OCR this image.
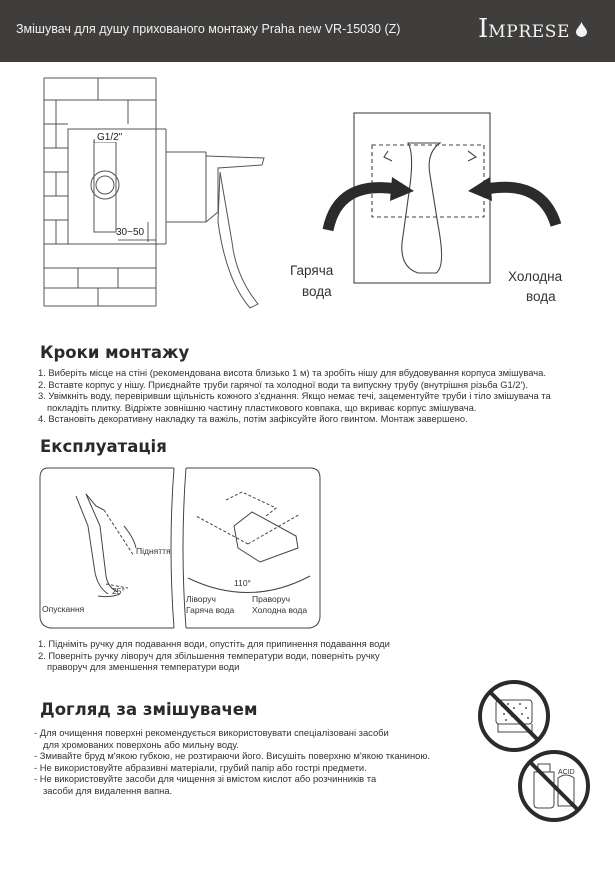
Змішувач для душу прихованого монтажу Praha new VR-15030 (Z)	IMPRESE
G1/2"
30~50
Гаряча
вода
Холодна
вода
Кроки монтажу
1. Виберіть місце на стіні (рекомендована висота близько 1 м) та зробіть нішу для вбудовування корпуса змішувача.
2. Вставте корпус у нішу. Приєднайте труби гарячої та холодної води та випускну трубу (внутрішня різьба G1/2').
3. Увімкніть воду, перевіривши щільність кожного з'єднання. Якщо немає течі, зацементуйте труби і тіло змішувача та
покладіть плитку. Відріжте зовнішню частину пластикового ковпака, що вкриває корпус змішувача.
4. Встановіть декоративну накладку та важіль, потім зафіксуйте його гвинтом. Монтаж завершено.
Експлуатація
Підняття
Опускання
25°
110°
Ліворуч
Гаряча вода
Праворуч
Холодна вода
1. Підніміть ручку для подавання води, опустіть для припинення подавання води
2. Поверніть ручку ліворуч для збільшення температури води, поверніть ручку
праворуч для зменшення температури води
Догляд за змішувачем
- Для очищення поверхні рекомендується використовувати спеціалізовані засоби
для хромованих поверхонь або мильну воду.
- Змивайте бруд м'якою губкою, не розтираючи його. Висушіть поверхню м'якою тканиною.
- Не використовуйте абразивні матеріали, грубий папір або гострі предмети.
- Не використовуйте засоби для чищення зі вмістом кислот або розчинників та
засоби для видалення вапна.
ACID
